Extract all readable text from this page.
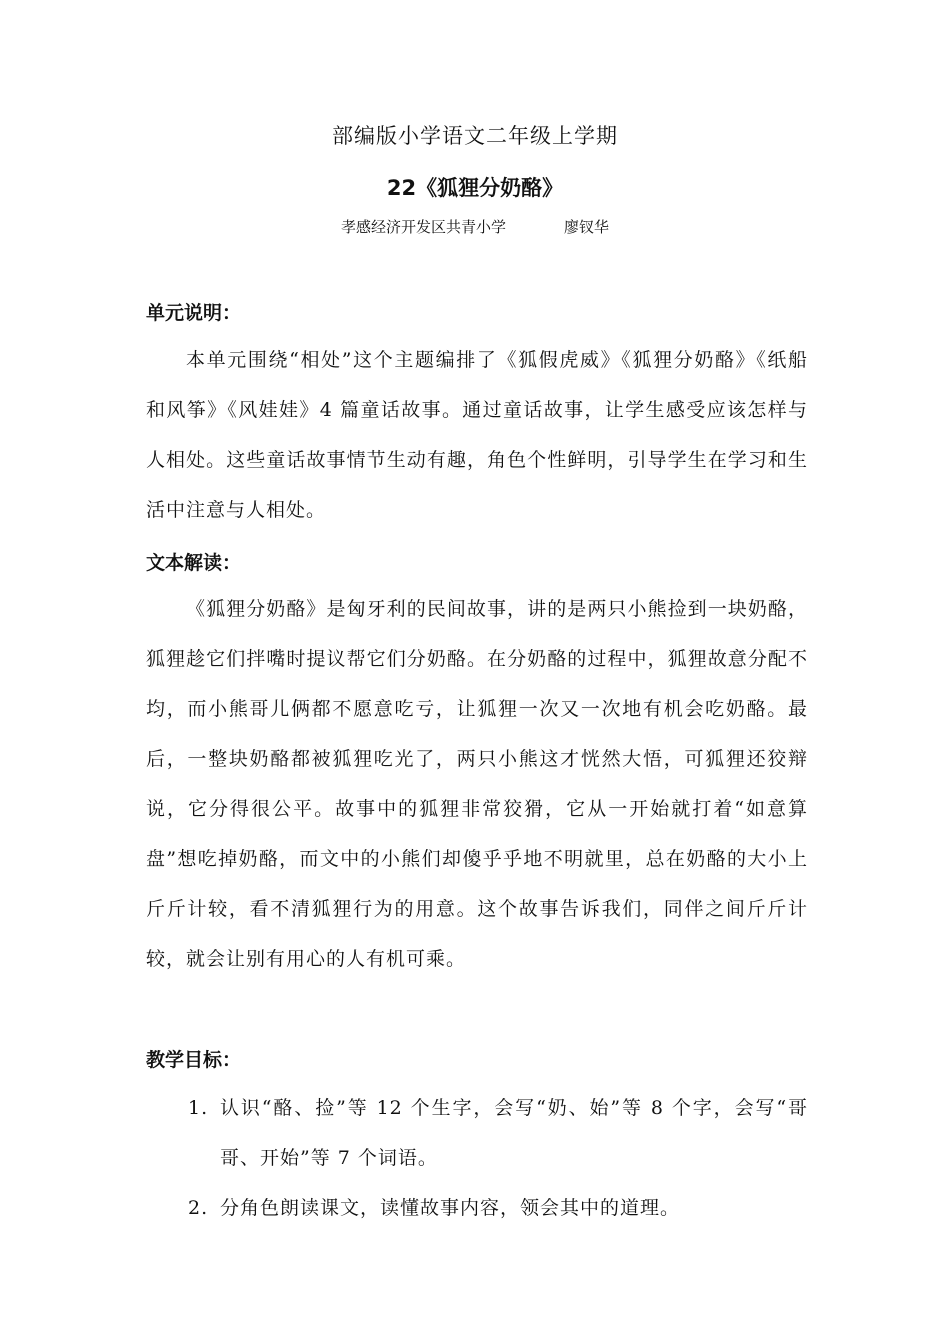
部编版小学语文二年级上学期
22《狐狸分奶酪》
孝感经济开发区共青小学	廖钗华
单元说明：

本单元围绕“相处”这个主题编排了《狐假虎威》《狐狸分奶酪》《纸船和风筝》《风娃娃》4 篇童话故事。通过童话故事，让学生感受应该怎样与人相处。这些童话故事情节生动有趣，角色个性鲜明，引导学生在学习和生活中注意与人相处。

文本解读：

《狐狸分奶酪》是匈牙利的民间故事，讲的是两只小熊捡到一块奶酪，狐狸趁它们拌嘴时提议帮它们分奶酪。在分奶酪的过程中，狐狸故意分配不均，而小熊哥儿俩都不愿意吃亏，让狐狸一次又一次地有机会吃奶酪。最后，一整块奶酪都被狐狸吃光了，两只小熊这才恍然大悟，可狐狸还狡辩说，它分得很公平。故事中的狐狸非常狡猾，它从一开始就打着“如意算盘”想吃掉奶酪，而文中的小熊们却傻乎乎地不明就里，总在奶酪的大小上斤斤计较，看不清狐狸行为的用意。这个故事告诉我们，同伴之间斤斤计较，就会让别有用心的人有机可乘。

教学目标：
1. 认识“酪、捡”等 12 个生字，会写“奶、始”等 8 个字，会写“哥哥、开始”等 7 个词语。
2. 分角色朗读课文，读懂故事内容，领会其中的道理。
